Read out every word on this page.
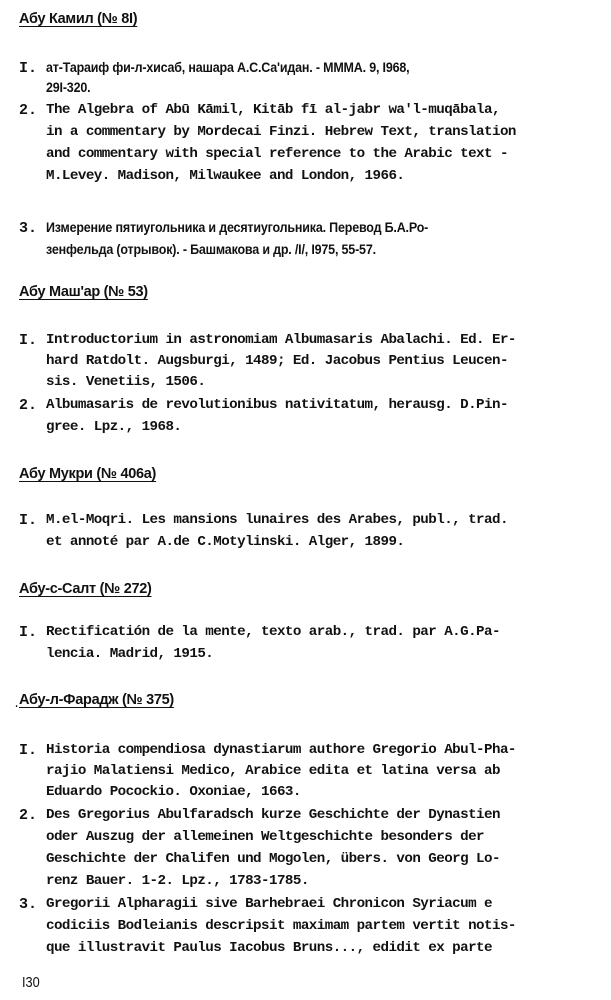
Абу Камил (№ 8I)
I. ат-Тараиф фи-л-хисаб, нашара А.С.Са'идан. - МММА. 9, I968,
29I-320.
2. The Algebra of Abū Kāmil, Kitāb fī al-jabr wa'l-muqābala,
in a commentary by Mordecai Finzi. Hebrew Text, translation
and commentary with special reference to the Arabic text -
M.Levey. Madison, Milwaukee and London, 1966.
3. Измерение пятиугольника и десятиугольника. Перевод Б.А.Ро-
зенфельда (отрывок). - Башмакова и др. /I/, I975, 55-57.
Абу Маш'ар (№ 53)
I. Introductorium in astronomiam Albumasaris Abalachi. Ed. Er-
hard Ratdolt. Augsburgi, 1489; Ed. Jacobus Pentius Leucen-
sis. Venetiis, 1506.
2. Albumasaris de revolutionibus nativitatum, herausg. D.Pin-
gree. Lpz., 1968.
Абу Мукри (№ 406а)
I. M.el-Moqri. Les mansions lunaires des Arabes, publ., trad.
et annoté par A.de C.Motylinski. Alger, 1899.
Абу-с-Салт (№ 272)
I. Rectificatión de la mente, texto arab., trad. par A.G.Pa-
lencia. Madrid, 1915.
.
Абу-л-Фарадж (№ 375)
I. Historia compendiosa dynastiarum authore Gregorio Abul-Pha-
rajio Malatiensi Medico, Arabice edita et latina versa ab
Eduardo Pocockio. Oxoniae, 1663.
2. Des Gregorius Abulfaradsch kurze Geschichte der Dynastien
oder Auszug der allemeinen Weltgeschichte besonders der
Geschichte der Chalifen und Mogolen, übers. von Georg Lo-
renz Bauer. 1-2. Lpz., 1783-1785.
3. Gregorii Alpharagii sive Barhebraei Chronicon Syriacum e
codiciis Bodleianis descripsit maximam partem vertit notis-
que illustravit Paulus Iacobus Bruns..., edidit ex parte
I30
